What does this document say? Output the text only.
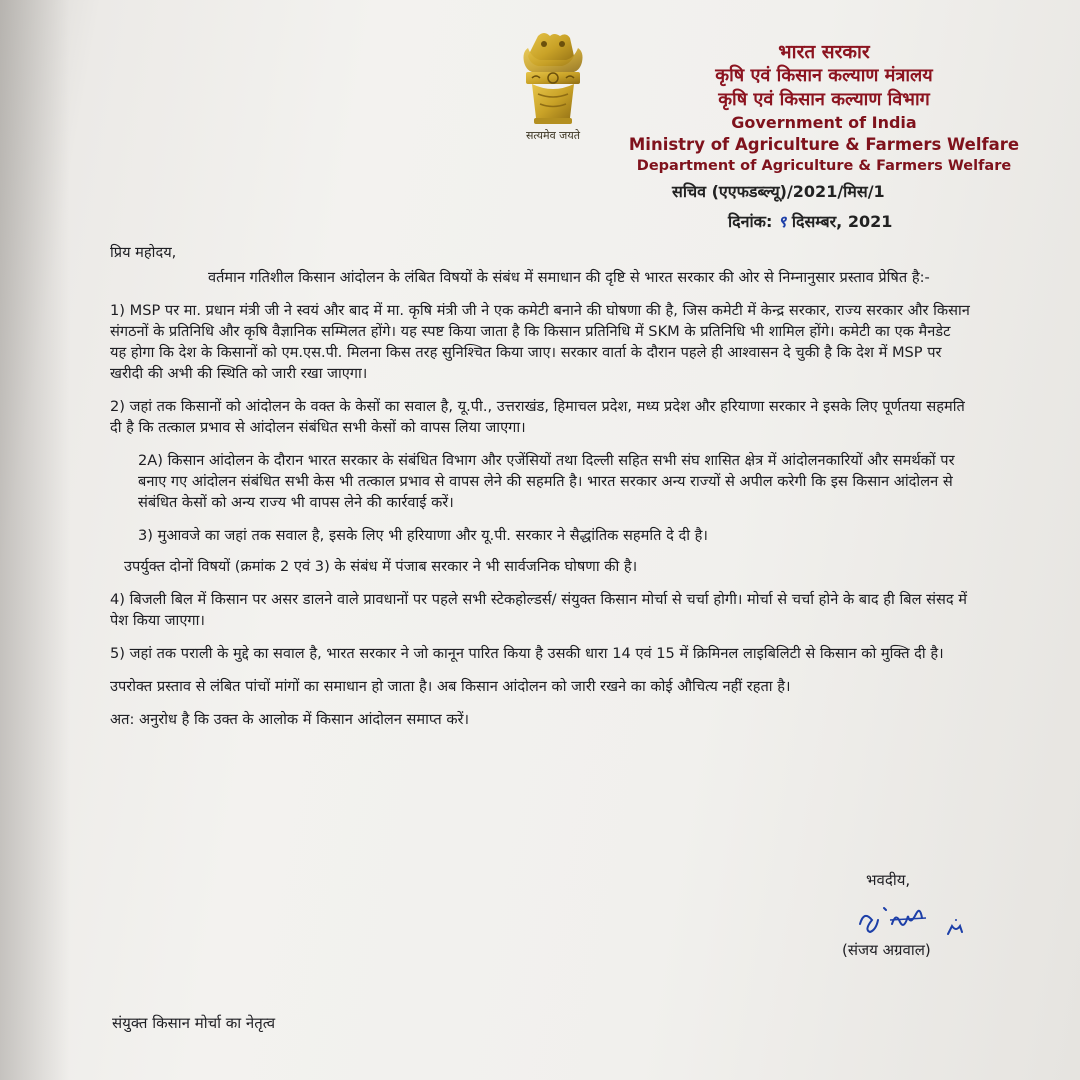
सत्यमेव जयते
भारत सरकार
कृषि एवं किसान कल्याण मंत्रालय
कृषि एवं किसान कल्याण विभाग
Government of India
Ministry of Agriculture & Farmers Welfare
Department of Agriculture & Farmers Welfare
सचिव (एएफडब्ल्यू)/2021/मिस/1
दिनांक: ९ दिसम्बर, 2021

प्रिय महोदय,

वर्तमान गतिशील किसान आंदोलन के लंबित विषयों के संबंध में समाधान की दृष्टि से भारत सरकार की ओर से निम्नानुसार प्रस्ताव प्रेषित है:-

1) MSP पर मा. प्रधान मंत्री जी ने स्वयं और बाद में मा. कृषि मंत्री जी ने एक कमेटी बनाने की घोषणा की है, जिस कमेटी में केन्द्र सरकार, राज्य सरकार और किसान संगठनों के प्रतिनिधि और कृषि वैज्ञानिक सम्मिलत होंगे। यह स्पष्ट किया जाता है कि किसान प्रतिनिधि में SKM के प्रतिनिधि भी शामिल होंगे। कमेटी का एक मैनडेट यह होगा कि देश के किसानों को एम.एस.पी. मिलना किस तरह सुनिश्चित किया जाए। सरकार वार्ता के दौरान पहले ही आश्वासन दे चुकी है कि देश में MSP पर खरीदी की अभी की स्थिति को जारी रखा जाएगा।

2) जहां तक किसानों को आंदोलन के वक्त के केसों का सवाल है, यू.पी., उत्तराखंड, हिमाचल प्रदेश, मध्य प्रदेश और हरियाणा सरकार ने इसके लिए पूर्णतया सहमति दी है कि तत्काल प्रभाव से आंदोलन संबंधित सभी केसों को वापस लिया जाएगा।

2A) किसान आंदोलन के दौरान भारत सरकार के संबंधित विभाग और एजेंसियों तथा दिल्ली सहित सभी संघ शासित क्षेत्र में आंदोलनकारियों और समर्थकों पर बनाए गए आंदोलन संबंधित सभी केस भी तत्काल प्रभाव से वापस लेने की सहमति है। भारत सरकार अन्य राज्यों से अपील करेगी कि इस किसान आंदोलन से संबंधित केसों को अन्य राज्य भी वापस लेने की कार्रवाई करें।

3) मुआवजे का जहां तक सवाल है, इसके लिए भी हरियाणा और यू.पी. सरकार ने सैद्धांतिक सहमति दे दी है।

उपर्युक्त दोनों विषयों (क्रमांक 2 एवं 3) के संबंध में पंजाब सरकार ने भी सार्वजनिक घोषणा की है।

4) बिजली बिल में किसान पर असर डालने वाले प्रावधानों पर पहले सभी स्टेकहोल्डर्स/ संयुक्त किसान मोर्चा से चर्चा होगी। मोर्चा से चर्चा होने के बाद ही बिल संसद में पेश किया जाएगा।

5) जहां तक पराली के मुद्दे का सवाल है, भारत सरकार ने जो कानून पारित किया है उसकी धारा 14 एवं 15 में क्रिमिनल लाइबिलिटी से किसान को मुक्ति दी है।

उपरोक्त प्रस्ताव से लंबित पांचों मांगों का समाधान हो जाता है। अब किसान आंदोलन को जारी रखने का कोई औचित्य नहीं रहता है।

अत: अनुरोध है कि उक्त के आलोक में किसान आंदोलन समाप्त करें।

भवदीय,
(संजय अग्रवाल)
संयुक्त किसान मोर्चा का नेतृत्व
